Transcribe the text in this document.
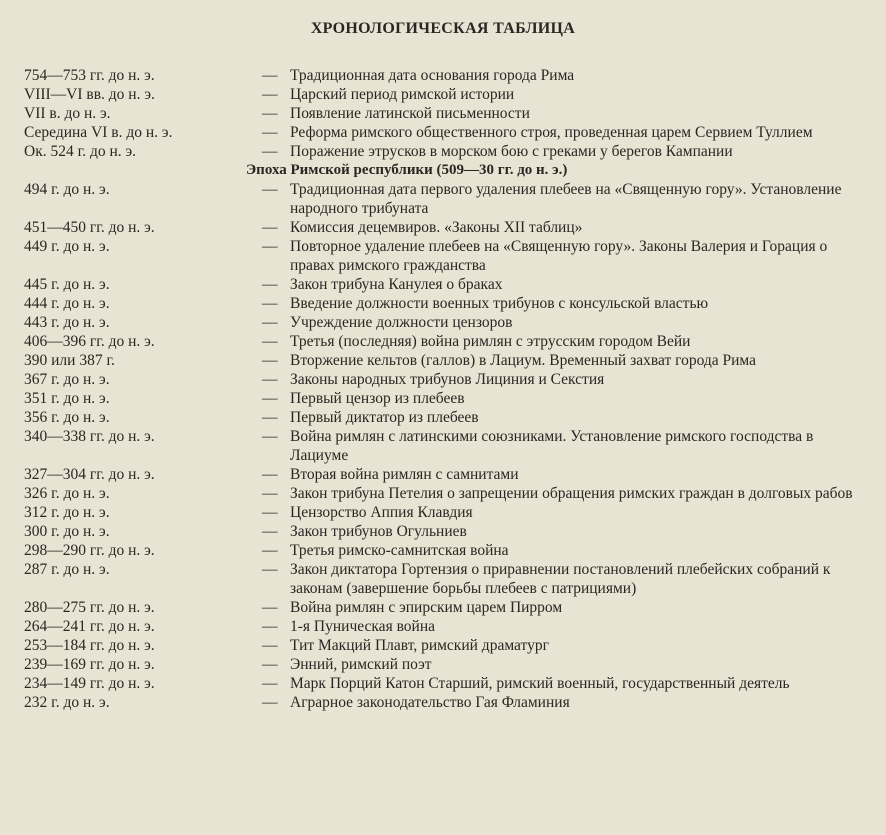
ХРОНОЛОГИЧЕСКАЯ ТАБЛИЦА
754—753 гг. до н. э.	— Традиционная дата основания города Рима
VIII—VI вв. до н. э.	— Царский период римской истории
VII в. до н. э.	— Появление латинской письменности
Середина VI в. до н. э.	— Реформа римского общественного строя, проведенная царем Сервием Туллием
Ок. 524 г. до н. э.	— Поражение этрусков в морском бою с греками у берегов Кампании
Эпоха Римской республики (509—30 гг. до н. э.)
494 г. до н. э.	— Традиционная дата первого удаления плебеев на «Священную гору». Установление народного трибуната
451—450 гг. до н. э.	— Комиссия децемвиров. «Законы XII таблиц»
449 г. до н. э.	— Повторное удаление плебеев на «Священную гору». Законы Валерия и Горация о правах римского гражданства
445 г. до н. э.	— Закон трибуна Канулея о браках
444 г. до н. э.	— Введение должности военных трибунов с консульской властью
443 г. до н. э.	— Учреждение должности цензоров
406—396 гг. до н. э.	— Третья (последняя) война римлян с этрусским городом Вейи
390 или 387 г.	— Вторжение кельтов (галлов) в Лациум. Временный захват города Рима
367 г. до н. э.	— Законы народных трибунов Лициния и Секстия
351 г. до н. э.	— Первый цензор из плебеев
356 г. до н. э.	— Первый диктатор из плебеев
340—338 гг. до н. э.	— Война римлян с латинскими союзниками. Установление римского господства в Лациуме
327—304 гг. до н. э.	— Вторая война римлян с самнитами
326 г. до н. э.	— Закон трибуна Петелия о запрещении обращения римских граждан в долговых рабов
312 г. до н. э.	— Цензорство Аппия Клавдия
300 г. до н. э.	— Закон трибунов Огульниев
298—290 гг. до н. э.	— Третья римско-самнитская война
287 г. до н. э.	— Закон диктатора Гортензия о приравнении постановлений плебейских собраний к законам (завершение борьбы плебеев с патрициями)
280—275 гг. до н. э.	— Война римлян с эпирским царем Пирром
264—241 гг. до н. э.	— 1-я Пуническая война
253—184 гг. до н. э.	— Тит Макций Плавт, римский драматург
239—169 гг. до н. э.	— Энний, римский поэт
234—149 гг. до н. э.	— Марк Порций Катон Старший, римский военный, государственный деятель
232 г. до н. э.	— Аграрное законодательство Гая Фламиния
